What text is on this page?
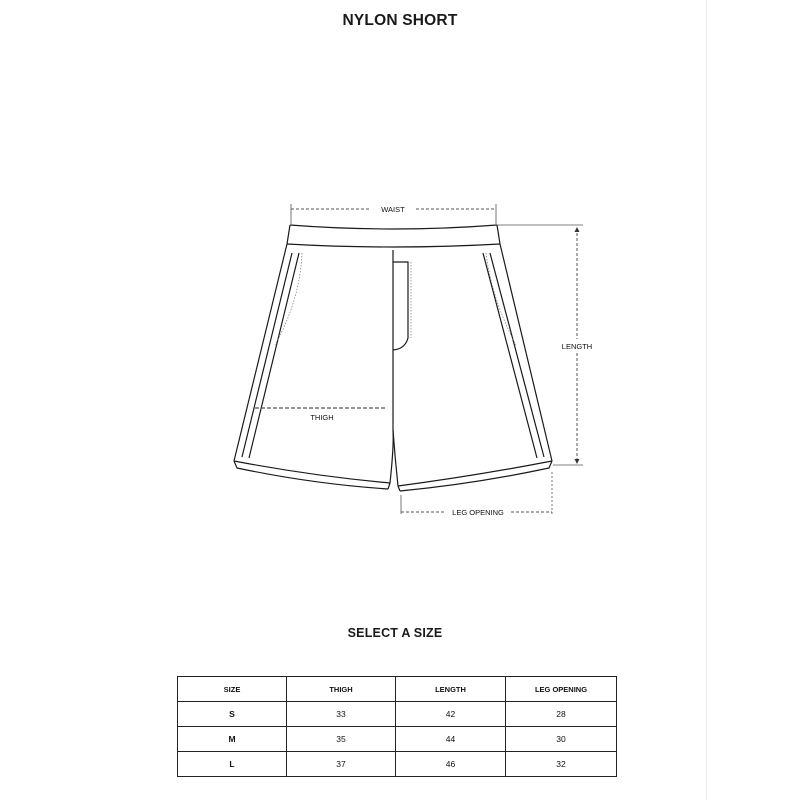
NYLON SHORT
WAIST
LENGTH
THIGH
LEG OPENING
SELECT A SIZE
SIZE	THIGH	LENGTH	LEG OPENING
S	33	42	28
M	35	44	30
L	37	46	32
